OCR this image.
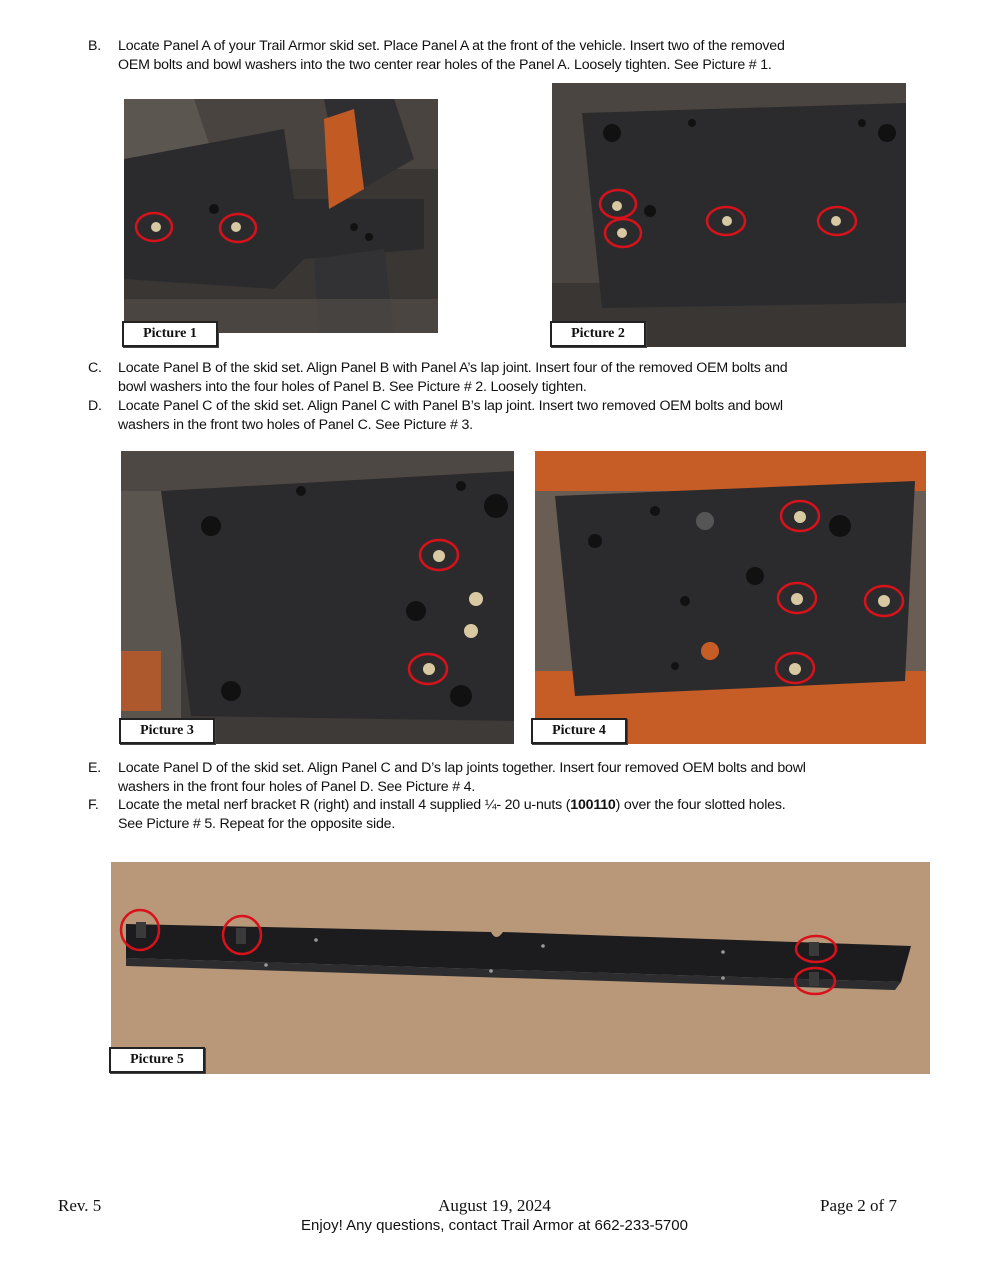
B. Locate Panel A of your Trail Armor skid set. Place Panel A at the front of the vehicle. Insert two of the removed
OEM bolts and bowl washers into the two center rear holes of the Panel A. Loosely tighten. See Picture # 1.
Picture 1	Picture 2
C. Locate Panel B of the skid set. Align Panel B with Panel A’s lap joint. Insert four of the removed OEM bolts and
bowl washers into the four holes of Panel B. See Picture # 2. Loosely tighten.
D. Locate Panel C of the skid set. Align Panel C with Panel B’s lap joint. Insert two removed OEM bolts and bowl
washers in the front two holes of Panel C. See Picture # 3.
Picture 3	Picture 4
E. Locate Panel D of the skid set. Align Panel C and D’s lap joints together. Insert four removed OEM bolts and bowl
washers in the front four holes of Panel D. See Picture # 4.
F. Locate the metal nerf bracket R (right) and install 4 supplied ¼- 20 u-nuts (100110) over the four slotted holes.
See Picture # 5. Repeat for the opposite side.
Picture 5
Rev. 5	August 19, 2024	Page 2 of 7
Enjoy! Any questions, contact Trail Armor at 662-233-5700
